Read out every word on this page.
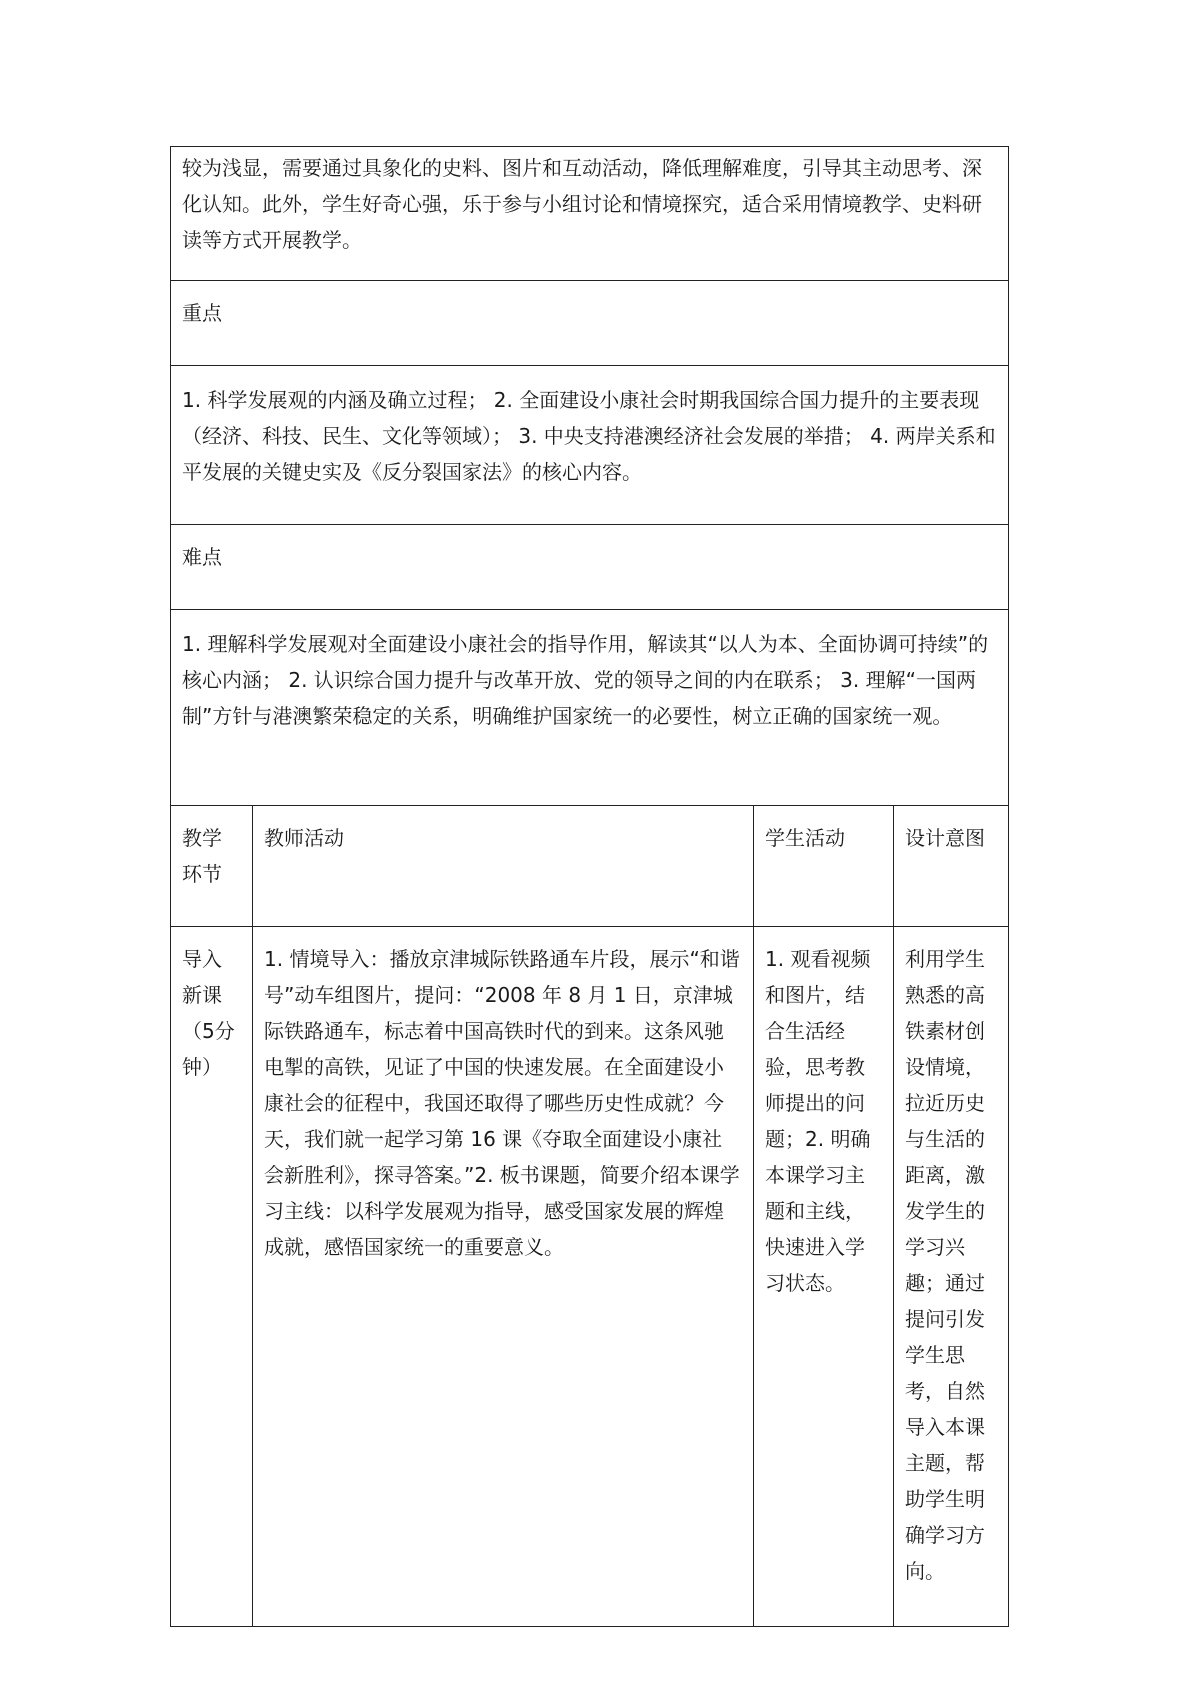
较为浅显，需要通过具象化的史料、图片和互动活动，降低理解难度，引导其主动思考、深化认知。此外，学生好奇心强，乐于参与小组讨论和情境探究，适合采用情境教学、史料研读等方式开展教学。			
重点			
1. 科学发展观的内涵及确立过程； 2. 全面建设小康社会时期我国综合国力提升的主要表现（经济、科技、民生、文化等领域）； 3. 中央支持港澳经济社会发展的举措； 4. 两岸关系和平发展的关键史实及《反分裂国家法》的核心内容。			
难点			
1. 理解科学发展观对全面建设小康社会的指导作用，解读其“以人为本、全面协调可持续”的核心内涵； 2. 认识综合国力提升与改革开放、党的领导之间的内在联系； 3. 理解“一国两制”方针与港澳繁荣稳定的关系，明确维护国家统一的必要性，树立正确的国家统一观。			
教学环节	教师活动	学生活动	设计意图
导入新课（5分钟）	1. 情境导入：播放京津城际铁路通车片段，展示“和谐号”动车组图片，提问：“2008 年 8 月 1 日，京津城际铁路通车，标志着中国高铁时代的到来。这条风驰电掣的高铁，见证了中国的快速发展。在全面建设小康社会的征程中，我国还取得了哪些历史性成就？今天，我们就一起学习第 16 课《夺取全面建设小康社会新胜利》，探寻答案。”2. 板书课题，简要介绍本课学习主线：以科学发展观为指导，感受国家发展的辉煌成就，感悟国家统一的重要意义。	1. 观看视频和图片，结合生活经验，思考教师提出的问题；2. 明确本课学习主题和主线，快速进入学习状态。	利用学生熟悉的高铁素材创设情境，拉近历史与生活的距离，激发学生的学习兴趣；通过提问引发学生思考，自然导入本课主题，帮助学生明确学习方向。
